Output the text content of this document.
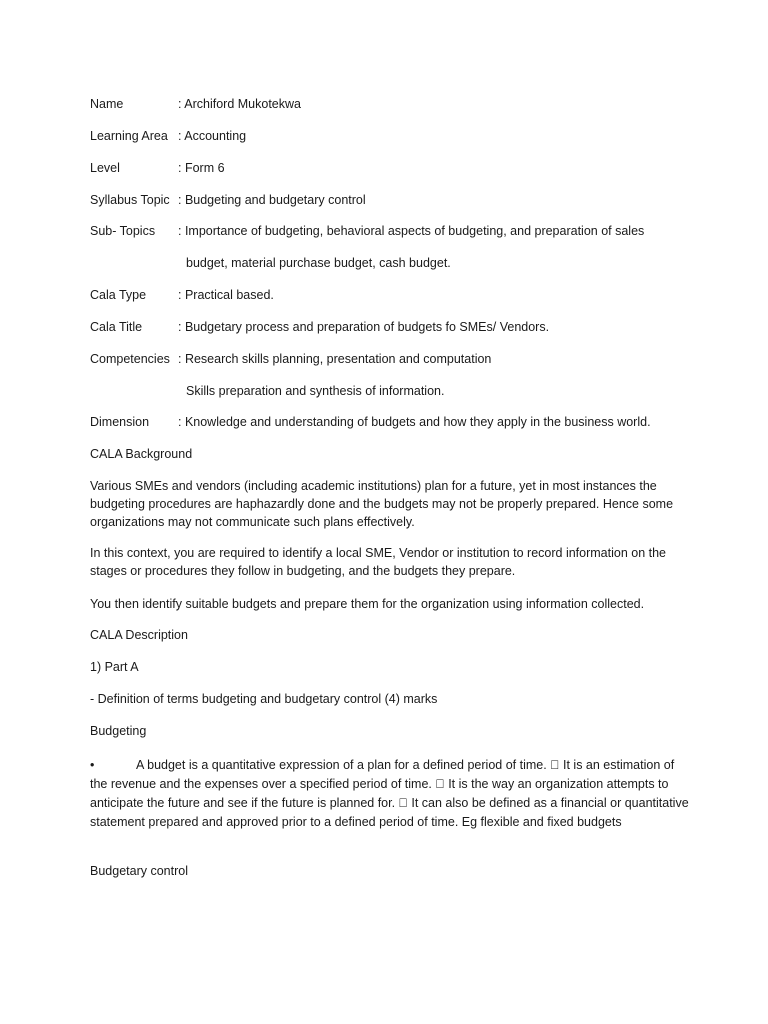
Name	: Archiford Mukotekwa
Learning Area : Accounting
Level	: Form 6
Syllabus Topic : Budgeting and budgetary control
Sub- Topics : Importance of budgeting, behavioral aspects of budgeting, and preparation of sales
budget, material purchase budget, cash budget.
Cala Type	: Practical based.
Cala Title	: Budgetary process and preparation of budgets fo SMEs/ Vendors.
Competencies : Research skills planning, presentation and computation
Skills preparation and synthesis of information.
Dimension : Knowledge and understanding of budgets and how they apply in the business world.
CALA Background
Various SMEs and vendors (including academic institutions) plan for a future, yet in most instances the budgeting procedures are haphazardly done and the budgets may not be properly prepared. Hence some organizations may not communicate such plans effectively.
In this context, you are required to identify a local SME, Vendor or institution to record information on the stages or procedures they follow in budgeting, and the budgets they prepare.
You then identify suitable budgets and prepare them for the organization using information collected.
CALA Description
1) Part A
- Definition of terms budgeting and budgetary control (4) marks
Budgeting
•	A budget is a quantitative expression of a plan for a defined period of time. It is an estimation of the revenue and the expenses over a specified period of time. It is the way an organization attempts to anticipate the future and see if the future is planned for. It can also be defined as a financial or quantitative statement prepared and approved prior to a defined period of time. Eg flexible and fixed budgets
Budgetary control
